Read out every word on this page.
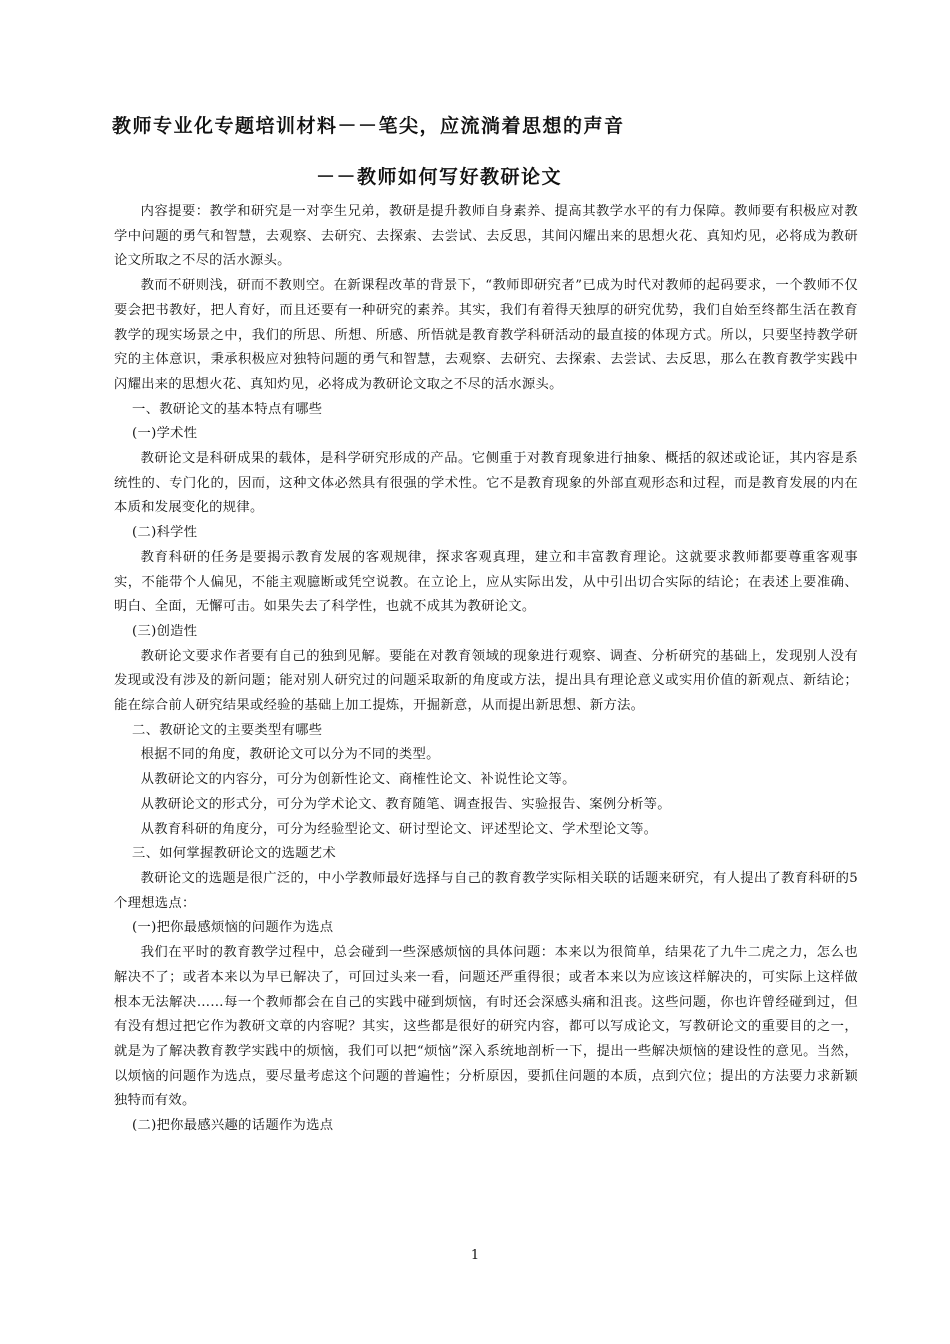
教师专业化专题培训材料－－笔尖，应流淌着思想的声音
－－教师如何写好教研论文

内容提要：教学和研究是一对孪生兄弟，教研是提升教师自身素养、提高其教学水平的有力保障。教师要有积极应对教学中问题的勇气和智慧，去观察、去研究、去探索、去尝试、去反思，其间闪耀出来的思想火花、真知灼见，必将成为教研论文所取之不尽的活水源头。

教而不研则浅，研而不教则空。在新课程改革的背景下，“教师即研究者”已成为时代对教师的起码要求，一个教师不仅要会把书教好，把人育好，而且还要有一种研究的素养。其实，我们有着得天独厚的研究优势，我们自始至终都生活在教育教学的现实场景之中，我们的所思、所想、所感、所悟就是教育教学科研活动的最直接的体现方式。所以，只要坚持教学研究的主体意识，秉承积极应对独特问题的勇气和智慧，去观察、去研究、去探索、去尝试、去反思，那么在教育教学实践中闪耀出来的思想火花、真知灼见，必将成为教研论文取之不尽的活水源头。

一、教研论文的基本特点有哪些

(一)学术性

教研论文是科研成果的载体，是科学研究形成的产品。它侧重于对教育现象进行抽象、概括的叙述或论证，其内容是系统性的、专门化的，因而，这种文体必然具有很强的学术性。它不是教育现象的外部直观形态和过程，而是教育发展的内在本质和发展变化的规律。

(二)科学性

教育科研的任务是要揭示教育发展的客观规律，探求客观真理，建立和丰富教育理论。这就要求教师都要尊重客观事实，不能带个人偏见，不能主观臆断或凭空说教。在立论上，应从实际出发，从中引出切合实际的结论；在表述上要准确、明白、全面，无懈可击。如果失去了科学性，也就不成其为教研论文。

(三)创造性

教研论文要求作者要有自己的独到见解。要能在对教育领域的现象进行观察、调查、分析研究的基础上，发现别人没有发现或没有涉及的新问题；能对别人研究过的问题采取新的角度或方法，提出具有理论意义或实用价值的新观点、新结论；能在综合前人研究结果或经验的基础上加工提炼，开掘新意，从而提出新思想、新方法。

二、教研论文的主要类型有哪些

根据不同的角度，教研论文可以分为不同的类型。

从教研论文的内容分，可分为创新性论文、商榷性论文、补说性论文等。

从教研论文的形式分，可分为学术论文、教育随笔、调查报告、实验报告、案例分析等。

从教育科研的角度分，可分为经验型论文、研讨型论文、评述型论文、学术型论文等。

三、如何掌握教研论文的选题艺术

教研论文的选题是很广泛的，中小学教师最好选择与自己的教育教学实际相关联的话题来研究，有人提出了教育科研的5个理想选点：

(一)把你最感烦恼的问题作为选点

我们在平时的教育教学过程中，总会碰到一些深感烦恼的具体问题：本来以为很简单，结果花了九牛二虎之力，怎么也解决不了；或者本来以为早已解决了，可回过头来一看，问题还严重得很；或者本来以为应该这样解决的，可实际上这样做根本无法解决……每一个教师都会在自己的实践中碰到烦恼，有时还会深感头痛和沮丧。这些问题，你也许曾经碰到过，但有没有想过把它作为教研文章的内容呢？其实，这些都是很好的研究内容，都可以写成论文，写教研论文的重要目的之一，就是为了解决教育教学实践中的烦恼，我们可以把“烦恼”深入系统地剖析一下，提出一些解决烦恼的建设性的意见。当然，以烦恼的问题作为选点，要尽量考虑这个问题的普遍性；分析原因，要抓住问题的本质，点到穴位；提出的方法要力求新颖独特而有效。

(二)把你最感兴趣的话题作为选点

1
